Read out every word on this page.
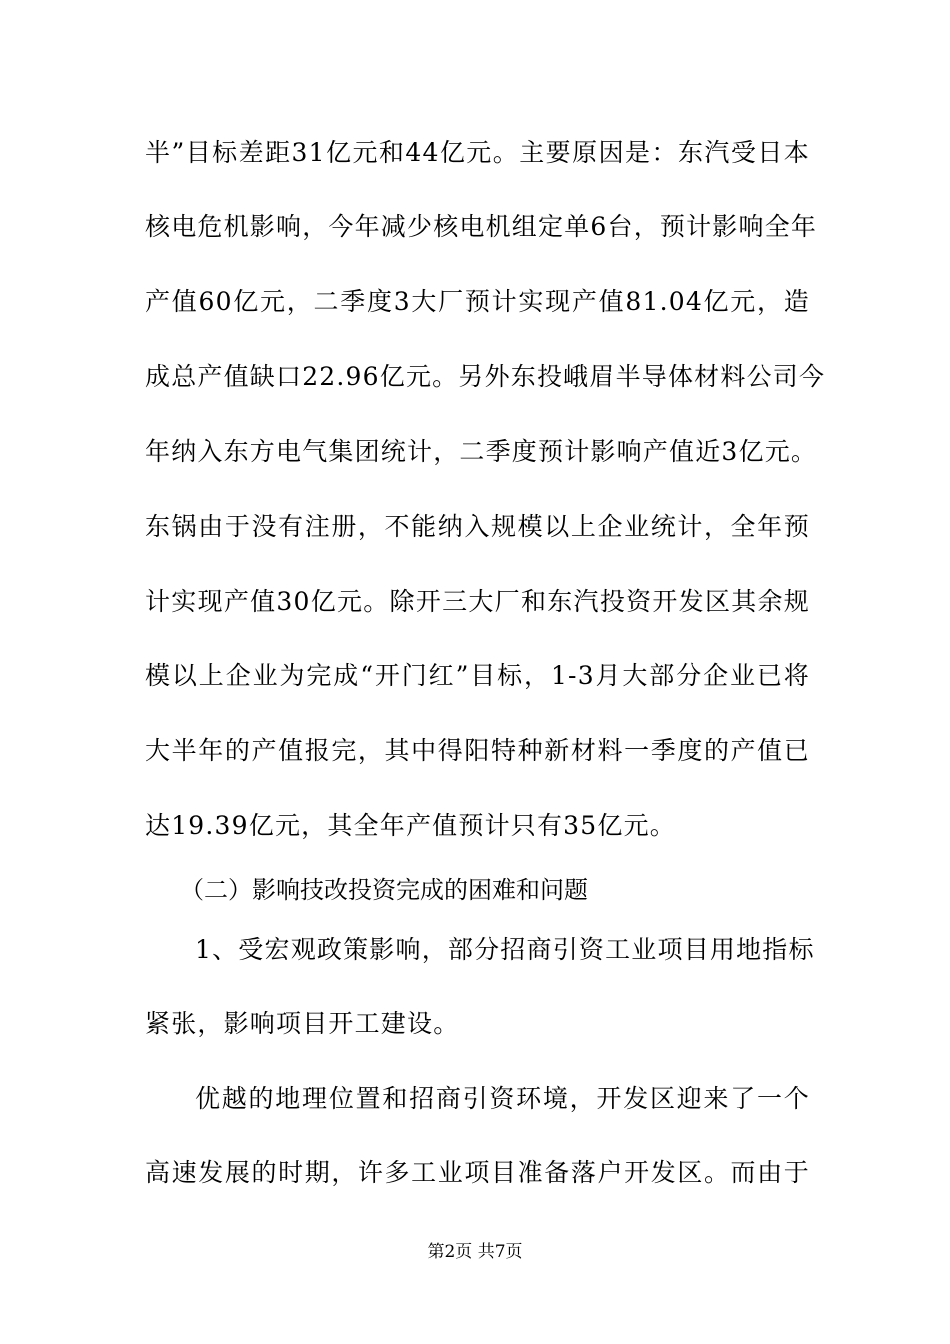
半”目标差距31亿元和44亿元。主要原因是：东汽受日本
核电危机影响，今年减少核电机组定单6台，预计影响全年
产值60亿元，二季度3大厂预计实现产值81.04亿元，造
成总产值缺口22.96亿元。另外东投峨眉半导体材料公司今
年纳入东方电气集团统计，二季度预计影响产值近3亿元。
东锅由于没有注册，不能纳入规模以上企业统计，全年预
计实现产值30亿元。除开三大厂和东汽投资开发区其余规
模以上企业为完成“开门红”目标，1-3月大部分企业已将
大半年的产值报完，其中得阳特种新材料一季度的产值已
达19.39亿元，其全年产值预计只有35亿元。
（二）影响技改投资完成的困难和问题
1、受宏观政策影响，部分招商引资工业项目用地指标
紧张，影响项目开工建设。
优越的地理位置和招商引资环境，开发区迎来了一个
高速发展的时期，许多工业项目准备落户开发区。而由于
第2页 共7页
